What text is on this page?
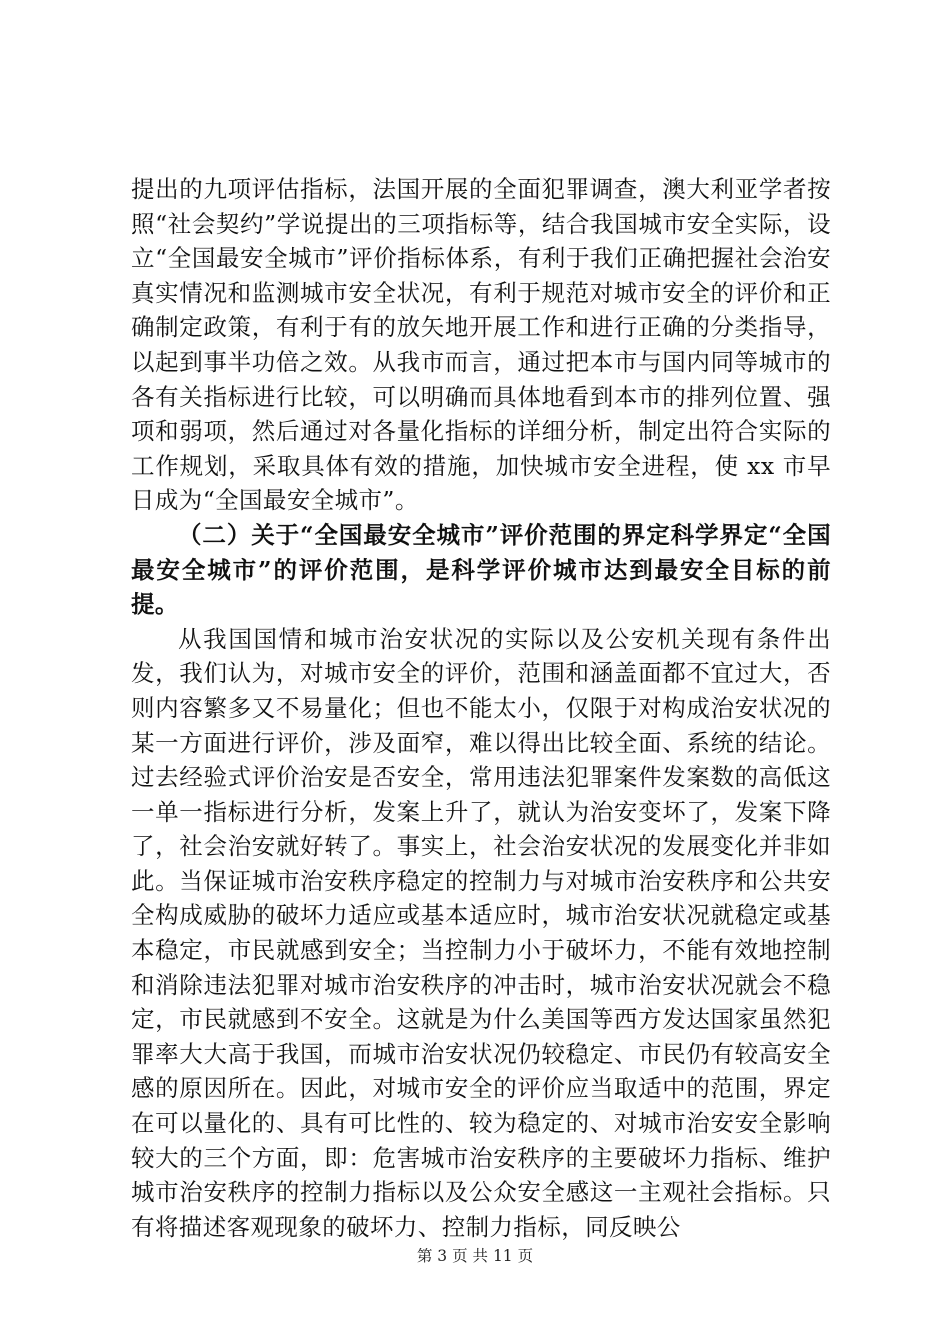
提出的九项评估指标，法国开展的全面犯罪调查，澳大利亚学者按照“社会契约”学说提出的三项指标等，结合我国城市安全实际，设立“全国最安全城市”评价指标体系，有利于我们正确把握社会治安真实情况和监测城市安全状况，有利于规范对城市安全的评价和正确制定政策，有利于有的放矢地开展工作和进行正确的分类指导，以起到事半功倍之效。从我市而言，通过把本市与国内同等城市的各有关指标进行比较，可以明确而具体地看到本市的排列位置、强项和弱项，然后通过对各量化指标的详细分析，制定出符合实际的工作规划，采取具体有效的措施，加快城市安全进程，使 xx 市早日成为“全国最安全城市”。

（二）关于“全国最安全城市”评价范围的界定科学界定“全国最安全城市”的评价范围，是科学评价城市达到最安全目标的前提。

从我国国情和城市治安状况的实际以及公安机关现有条件出发，我们认为，对城市安全的评价，范围和涵盖面都不宜过大，否则内容繁多又不易量化；但也不能太小，仅限于对构成治安状况的某一方面进行评价，涉及面窄，难以得出比较全面、系统的结论。过去经验式评价治安是否安全，常用违法犯罪案件发案数的高低这一单一指标进行分析，发案上升了，就认为治安变坏了，发案下降了，社会治安就好转了。事实上，社会治安状况的发展变化并非如此。当保证城市治安秩序稳定的控制力与对城市治安秩序和公共安全构成威胁的破坏力适应或基本适应时，城市治安状况就稳定或基本稳定，市民就感到安全；当控制力小于破坏力，不能有效地控制和消除违法犯罪对城市治安秩序的冲击时，城市治安状况就会不稳定，市民就感到不安全。这就是为什么美国等西方发达国家虽然犯罪率大大高于我国，而城市治安状况仍较稳定、市民仍有较高安全感的原因所在。因此，对城市安全的评价应当取适中的范围，界定在可以量化的、具有可比性的、较为稳定的、对城市治安安全影响较大的三个方面，即：危害城市治安秩序的主要破坏力指标、维护城市治安秩序的控制力指标以及公众安全感这一主观社会指标。只有将描述客观现象的破坏力、控制力指标，同反映公

第 3 页 共 11 页
